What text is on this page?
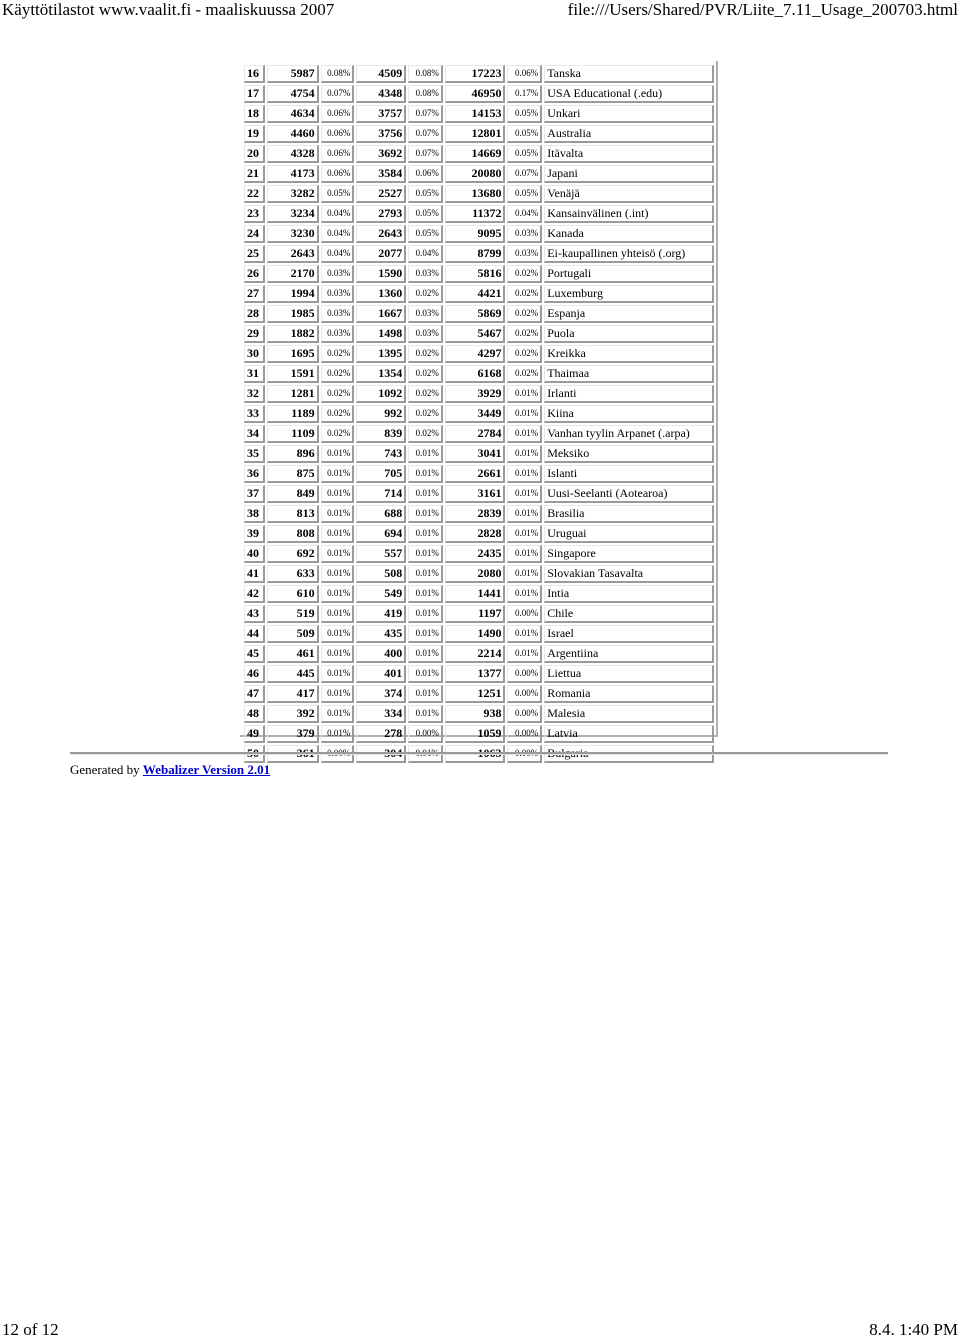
Käyttötilastot www.vaalit.fi - maaliskuussa 2007	file:///Users/Shared/PVR/Liite_7.11_Usage_200703.html
16	5987	0.08%	4509	0.08%	17223	0.06%	Tanska
17	4754	0.07%	4348	0.08%	46950	0.17%	USA Educational (.edu)
18	4634	0.06%	3757	0.07%	14153	0.05%	Unkari
19	4460	0.06%	3756	0.07%	12801	0.05%	Australia
20	4328	0.06%	3692	0.07%	14669	0.05%	Itävalta
21	4173	0.06%	3584	0.06%	20080	0.07%	Japani
22	3282	0.05%	2527	0.05%	13680	0.05%	Venäjä
23	3234	0.04%	2793	0.05%	11372	0.04%	Kansainvälinen (.int)
24	3230	0.04%	2643	0.05%	9095	0.03%	Kanada
25	2643	0.04%	2077	0.04%	8799	0.03%	Ei-kaupallinen yhteisö (.org)
26	2170	0.03%	1590	0.03%	5816	0.02%	Portugali
27	1994	0.03%	1360	0.02%	4421	0.02%	Luxemburg
28	1985	0.03%	1667	0.03%	5869	0.02%	Espanja
29	1882	0.03%	1498	0.03%	5467	0.02%	Puola
30	1695	0.02%	1395	0.02%	4297	0.02%	Kreikka
31	1591	0.02%	1354	0.02%	6168	0.02%	Thaimaa
32	1281	0.02%	1092	0.02%	3929	0.01%	Irlanti
33	1189	0.02%	992	0.02%	3449	0.01%	Kiina
34	1109	0.02%	839	0.02%	2784	0.01%	Vanhan tyylin Arpanet (.arpa)
35	896	0.01%	743	0.01%	3041	0.01%	Meksiko
36	875	0.01%	705	0.01%	2661	0.01%	Islanti
37	849	0.01%	714	0.01%	3161	0.01%	Uusi-Seelanti (Aotearoa)
38	813	0.01%	688	0.01%	2839	0.01%	Brasilia
39	808	0.01%	694	0.01%	2828	0.01%	Uruguai
40	692	0.01%	557	0.01%	2435	0.01%	Singapore
41	633	0.01%	508	0.01%	2080	0.01%	Slovakian Tasavalta
42	610	0.01%	549	0.01%	1441	0.01%	Intia
43	519	0.01%	419	0.01%	1197	0.00%	Chile
44	509	0.01%	435	0.01%	1490	0.01%	Israel
45	461	0.01%	400	0.01%	2214	0.01%	Argentiina
46	445	0.01%	401	0.01%	1377	0.00%	Liettua
47	417	0.01%	374	0.01%	1251	0.00%	Romania
48	392	0.01%	334	0.01%	938	0.00%	Malesia
49	379	0.01%	278	0.00%	1059	0.00%	Latvia
50	361	0.00%	304	0.01%	1063	0.00%	Bulgaria
Generated by Webalizer Version 2.01
12 of 12	8.4. 1:40 PM
